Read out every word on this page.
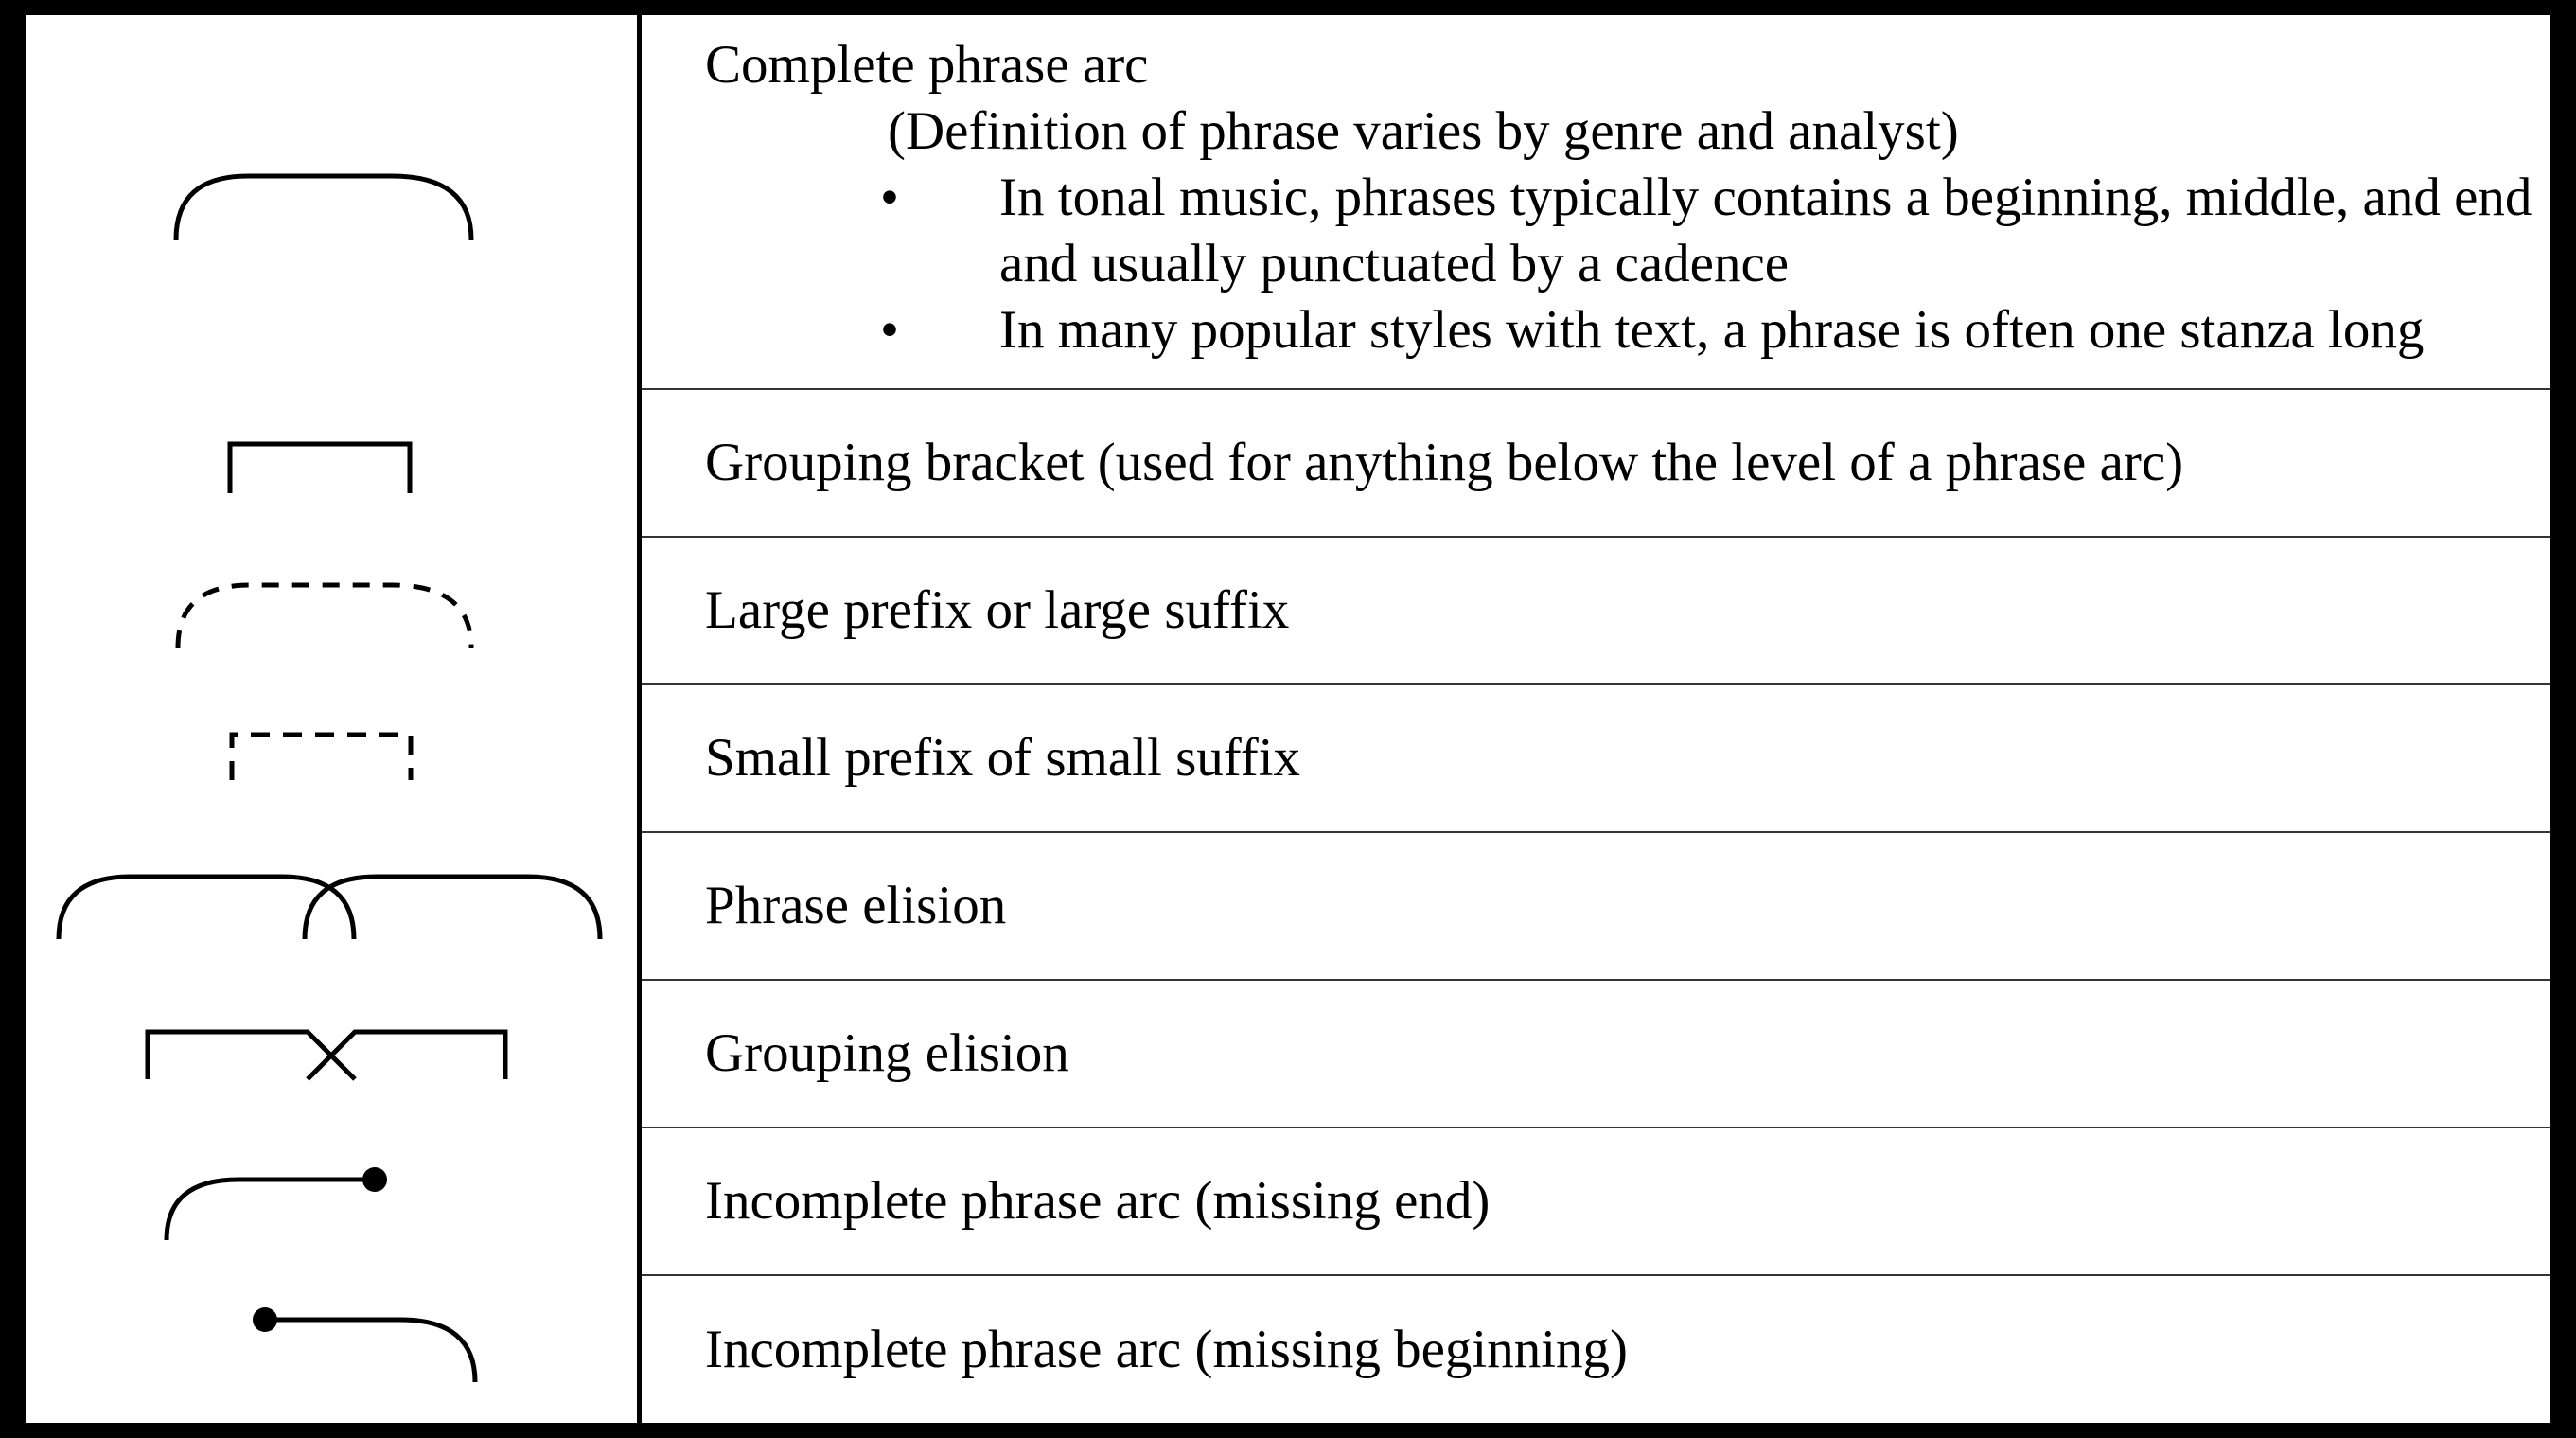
Complete phrase arc
(Definition of phrase varies by genre and analyst)
• In tonal music, phrases typically contains a beginning, middle, and end and usually punctuated by a cadence
• In many popular styles with text, a phrase is often one stanza long
Grouping bracket (used for anything below the level of a phrase arc)
Large prefix or large suffix
Small prefix of small suffix
Phrase elision
Grouping elision
Incomplete phrase arc (missing end)
Incomplete phrase arc (missing beginning)
